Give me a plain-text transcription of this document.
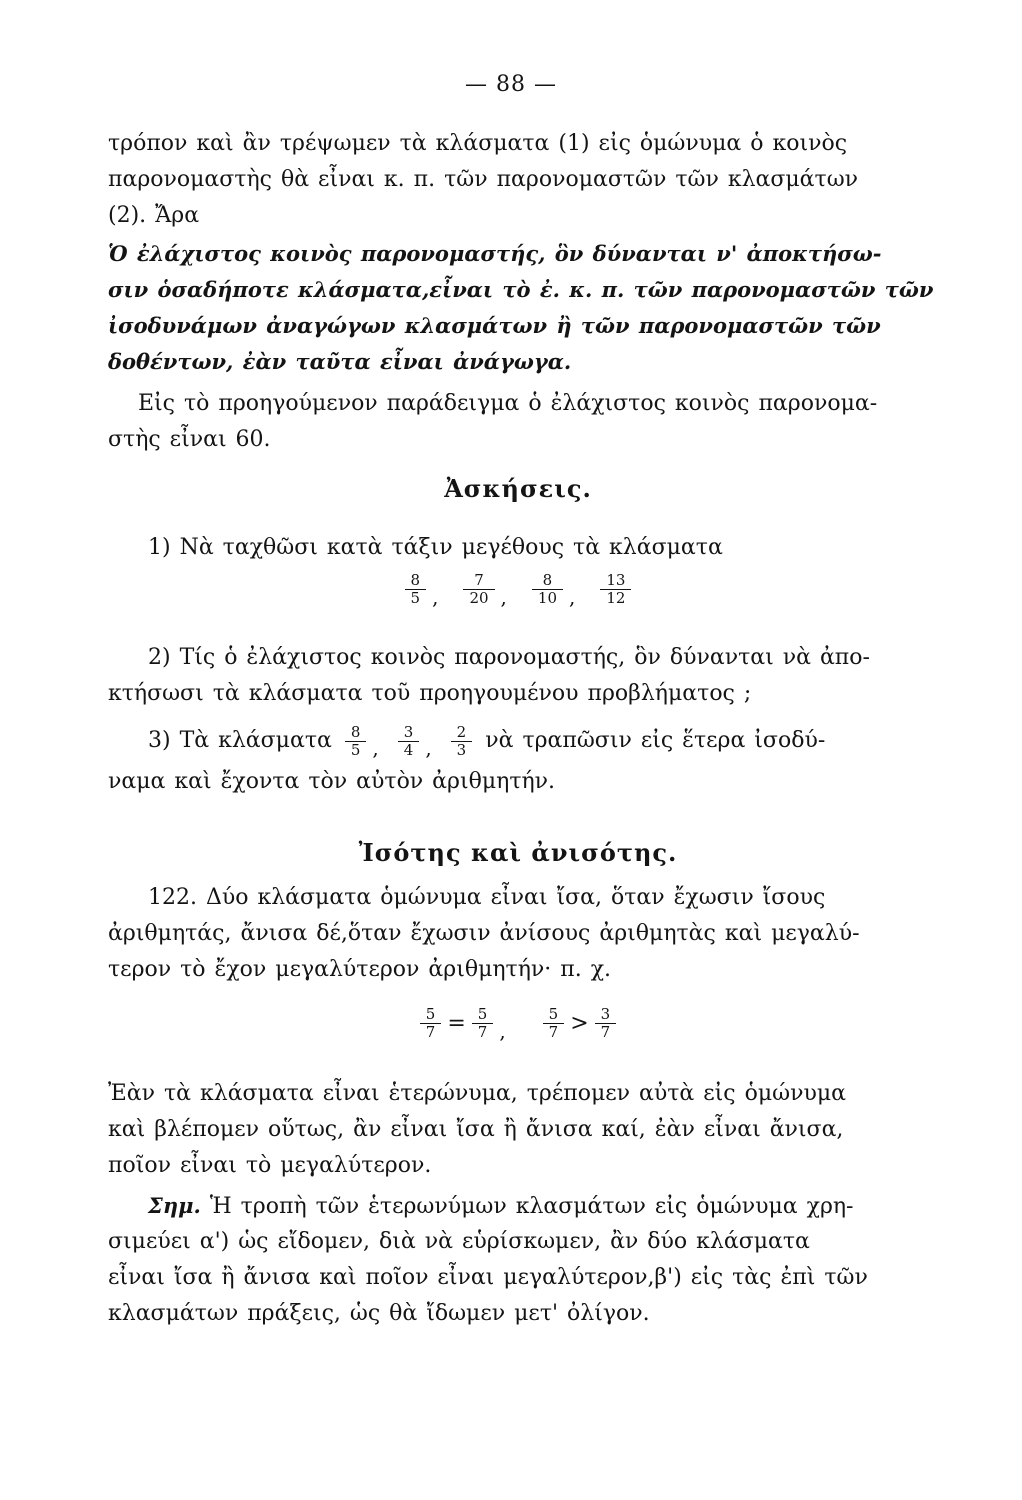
— 88 —
τρόπον καὶ ἂν τρέψωμεν τὰ κλάσματα (1) εἰς ὁμώνυμα ὁ κοινὸς
παρονομαστὴς θὰ εἶναι κ. π. τῶν παρονομαστῶν τῶν κλασμάτων
(2). Ἄρα
Ὁ ἐλάχιστος κοινὸς παρονομαστής, ὃν δύνανται ν' ἀποκτήσω-
σιν ὁσαδήποτε κλάσματα,εἶναι τὸ ἐ. κ. π. τῶν παρονομαστῶν τῶν
ἰσοδυνάμων ἀναγώγων κλασμάτων ἢ τῶν παρονομαστῶν τῶν
δοθέντων, ἐὰν ταῦτα εἶναι ἀνάγωγα.
Εἰς τὸ προηγούμενον παράδειγμα ὁ ἐλάχιστος κοινὸς παρονομα-
στὴς εἶναι 60.
Ἀσκήσεις.
1) Νὰ ταχθῶσι κατὰ τάξιν μεγέθους τὰ κλάσματα
$\frac{8}{5}$ , $\frac{7}{20}$ , $\frac{8}{10}$ , $\frac{13}{12}$
2) Τίς ὁ ἐλάχιστος κοινὸς παρονομαστής, ὃν δύνανται νὰ ἀπο-
κτήσωσι τὰ κλάσματα τοῦ προηγουμένου προβλήματος ;
3) Τὰ κλάσματα $\frac{8}{5}$ , $\frac{3}{4}$ , $\frac{2}{3}$ νὰ τραπῶσιν εἰς ἕτερα ἰσοδύ-
ναμα καὶ ἔχοντα τὸν αὐτὸν ἀριθμητήν.
Ἰσότης καὶ ἀνισότης.
122. Δύο κλάσματα ὁμώνυμα εἶναι ἴσα, ὅταν ἔχωσιν ἴσους
ἀριθμητάς, ἄνισα δέ,ὅταν ἔχωσιν ἀνίσους ἀριθμητὰς καὶ μεγαλύ-
τερον τὸ ἔχον μεγαλύτερον ἀριθμητήν· π. χ.
$\frac{5}{7} = \frac{5}{7}$ , $\frac{5}{7} > \frac{3}{7}$
Ἐὰν τὰ κλάσματα εἶναι ἑτερώνυμα, τρέπομεν αὐτὰ εἰς ὁμώνυμα
καὶ βλέπομεν οὕτως, ἂν εἶναι ἴσα ἢ ἄνισα καί, ἐὰν εἶναι ἄνισα,
ποῖον εἶναι τὸ μεγαλύτερον.
Σημ. Ἡ τροπὴ τῶν ἑτερωνύμων κλασμάτων εἰς ὁμώνυμα χρη-
σιμεύει α') ὡς εἴδομεν, διὰ νὰ εὑρίσκωμεν, ἂν δύο κλάσματα
εἶναι ἴσα ἢ ἄνισα καὶ ποῖον εἶναι μεγαλύτερον,β') εἰς τὰς ἐπὶ τῶν
κλασμάτων πράξεις, ὡς θὰ ἴδωμεν μετ' ὀλίγον.
